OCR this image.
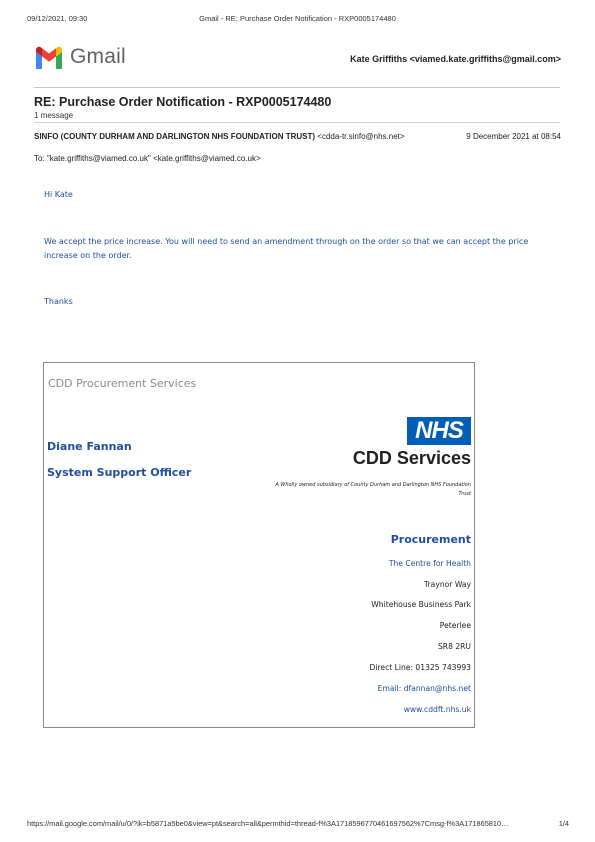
09/12/2021, 09:30	Gmail - RE: Purchase Order Notification - RXP0005174480
Gmail	Kate Griffiths <viamed.kate.griffiths@gmail.com>
RE: Purchase Order Notification - RXP0005174480
1 message
SINFO (COUNTY DURHAM AND DARLINGTON NHS FOUNDATION TRUST) <cdda-tr.sinfo@nhs.net>	9 December 2021 at 08:54
To: "kate.griffiths@viamed.co.uk" <kate.griffiths@viamed.co.uk>
Hi Kate
We accept the price increase. You will need to send an amendment through on the order so that we can accept the price increase on the order.
Thanks
CDD Procurement Services
Diane Fannan
System Support Officer
NHS
CDD Services
A Wholly owned subsidiary of County Durham and Darlington NHS Foundation Trust
Procurement
The Centre for Health
Traynor Way
Whitehouse Business Park
Peterlee
SR8 2RU
Direct Line: 01325 743993
Email: dfannan@nhs.net
www.cddft.nhs.uk
https://mail.google.com/mail/u/0/?ik=b5871a5be0&view=pt&search=all&permthid=thread-f%3A1718596770461697562%7Cmsg-f%3A171865810…	1/4
